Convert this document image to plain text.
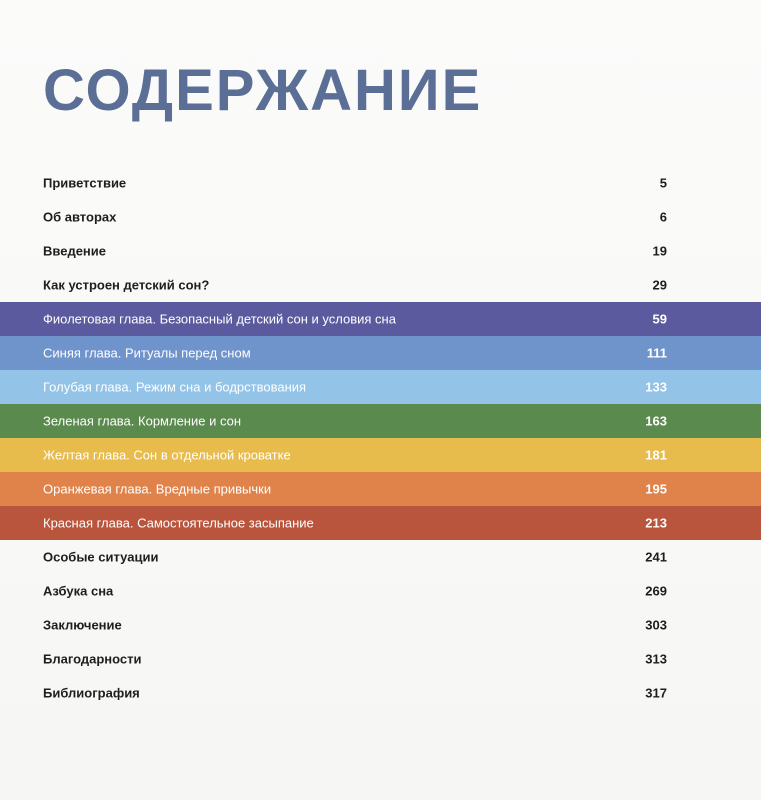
СОДЕРЖАНИЕ
Приветствие	5
Об авторах	6
Введение	19
Как устроен детский сон?	29
Фиолетовая глава. Безопасный детский сон и условия сна	59
Синяя глава. Ритуалы перед сном	111
Голубая глава. Режим сна и бодрствования	133
Зеленая глава. Кормление и сон	163
Желтая глава. Сон в отдельной кроватке	181
Оранжевая глава. Вредные привычки	195
Красная глава. Самостоятельное засыпание	213
Особые ситуации	241
Азбука сна	269
Заключение	303
Благодарности	313
Библиография	317
